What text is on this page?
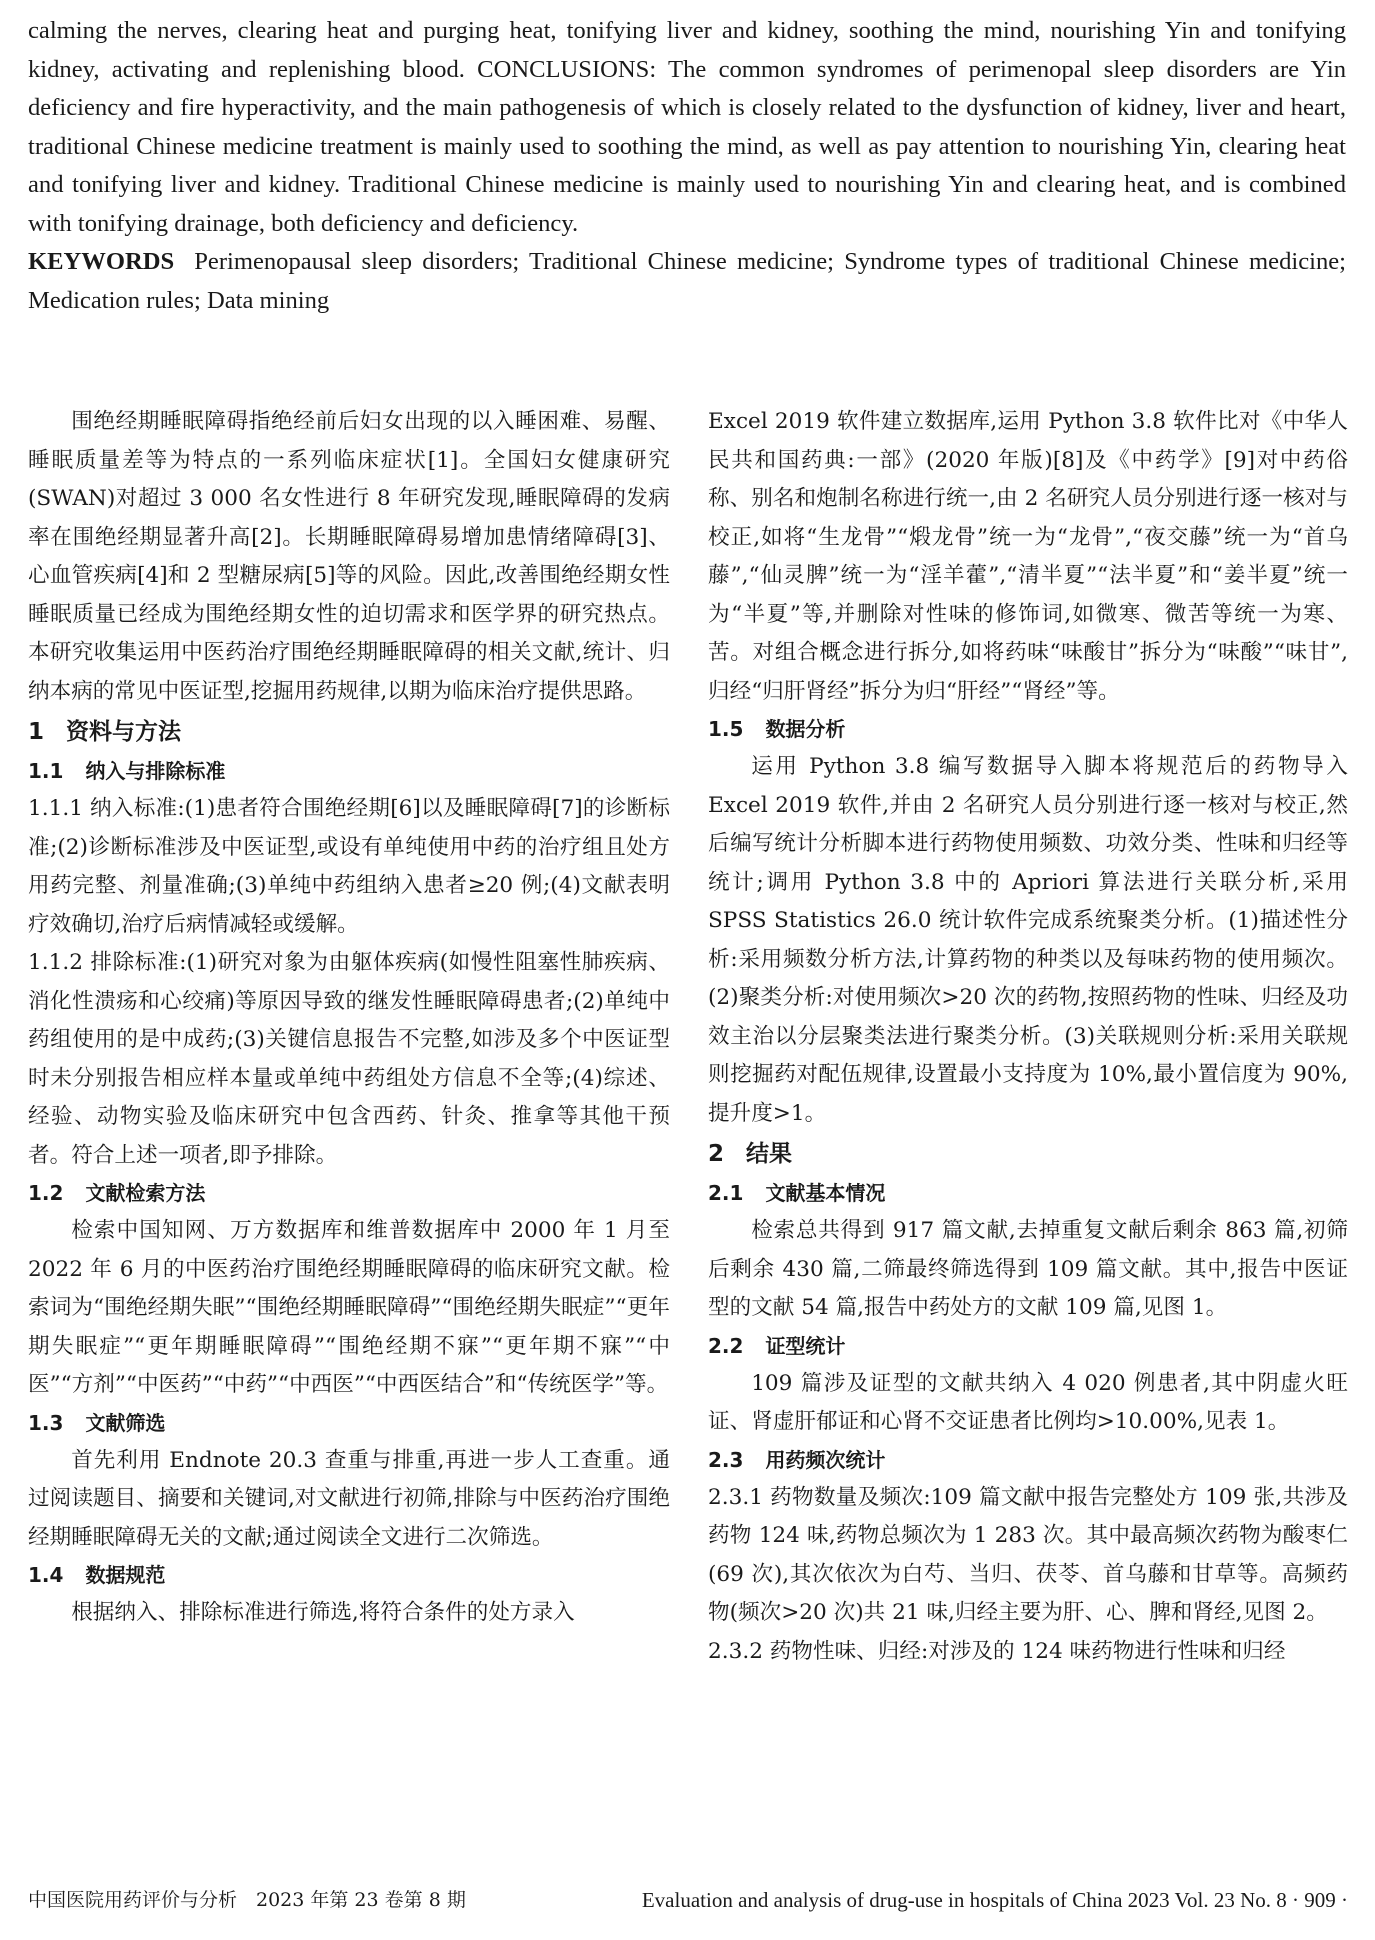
calming the nerves, clearing heat and purging heat, tonifying liver and kidney, soothing the mind, nourishing Yin and tonifying kidney, activating and replenishing blood. CONCLUSIONS: The common syndromes of perimenopal sleep disorders are Yin deficiency and fire hyperactivity, and the main pathogenesis of which is closely related to the dysfunction of kidney, liver and heart, traditional Chinese medicine treatment is mainly used to soothing the mind, as well as pay attention to nourishing Yin, clearing heat and tonifying liver and kidney. Traditional Chinese medicine is mainly used to nourishing Yin and clearing heat, and is combined with tonifying drainage, both deficiency and deficiency.

KEYWORDS Perimenopausal sleep disorders; Traditional Chinese medicine; Syndrome types of traditional Chinese medicine; Medication rules; Data mining

围绝经期睡眠障碍指绝经前后妇女出现的以入睡困难、易醒、睡眠质量差等为特点的一系列临床症状[1]。全国妇女健康研究(SWAN)对超过 3 000 名女性进行 8 年研究发现,睡眠障碍的发病率在围绝经期显著升高[2]。长期睡眠障碍易增加患情绪障碍[3]、心血管疾病[4]和 2 型糖尿病[5]等的风险。因此,改善围绝经期女性睡眠质量已经成为围绝经期女性的迫切需求和医学界的研究热点。本研究收集运用中医药治疗围绝经期睡眠障碍的相关文献,统计、归纳本病的常见中医证型,挖掘用药规律,以期为临床治疗提供思路。

1 资料与方法
1.1 纳入与排除标准

1.1.1 纳入标准:(1)患者符合围绝经期[6]以及睡眠障碍[7]的诊断标准;(2)诊断标准涉及中医证型,或设有单纯使用中药的治疗组且处方用药完整、剂量准确;(3)单纯中药组纳入患者≥20 例;(4)文献表明疗效确切,治疗后病情减轻或缓解。

1.1.2 排除标准:(1)研究对象为由躯体疾病(如慢性阻塞性肺疾病、消化性溃疡和心绞痛)等原因导致的继发性睡眠障碍患者;(2)单纯中药组使用的是中成药;(3)关键信息报告不完整,如涉及多个中医证型时未分别报告相应样本量或单纯中药组处方信息不全等;(4)综述、经验、动物实验及临床研究中包含西药、针灸、推拿等其他干预者。符合上述一项者,即予排除。

1.2 文献检索方法

检索中国知网、万方数据库和维普数据库中 2000 年 1 月至 2022 年 6 月的中医药治疗围绝经期睡眠障碍的临床研究文献。检索词为“围绝经期失眠”“围绝经期睡眠障碍”“围绝经期失眠症”“更年期失眠症”“更年期睡眠障碍”“围绝经期不寐”“更年期不寐”“中医”“方剂”“中医药”“中药”“中西医”“中西医结合”和“传统医学”等。

1.3 文献筛选

首先利用 Endnote 20.3 查重与排重,再进一步人工查重。通过阅读题目、摘要和关键词,对文献进行初筛,排除与中医药治疗围绝经期睡眠障碍无关的文献;通过阅读全文进行二次筛选。

1.4 数据规范

根据纳入、排除标准进行筛选,将符合条件的处方录入

Excel 2019 软件建立数据库,运用 Python 3.8 软件比对《中华人民共和国药典:一部》(2020 年版)[8]及《中药学》[9]对中药俗称、别名和炮制名称进行统一,由 2 名研究人员分别进行逐一核对与校正,如将“生龙骨”“煅龙骨”统一为“龙骨”,“夜交藤”统一为“首乌藤”,“仙灵脾”统一为“淫羊藿”,“清半夏”“法半夏”和“姜半夏”统一为“半夏”等,并删除对性味的修饰词,如微寒、微苦等统一为寒、苦。对组合概念进行拆分,如将药味“味酸甘”拆分为“味酸”“味甘”,归经“归肝肾经”拆分为归“肝经”“肾经”等。

1.5 数据分析

运用 Python 3.8 编写数据导入脚本将规范后的药物导入 Excel 2019 软件,并由 2 名研究人员分别进行逐一核对与校正,然后编写统计分析脚本进行药物使用频数、功效分类、性味和归经等统计;调用 Python 3.8 中的 Apriori 算法进行关联分析,采用 SPSS Statistics 26.0 统计软件完成系统聚类分析。(1)描述性分析:采用频数分析方法,计算药物的种类以及每味药物的使用频次。(2)聚类分析:对使用频次>20 次的药物,按照药物的性味、归经及功效主治以分层聚类法进行聚类分析。(3)关联规则分析:采用关联规则挖掘药对配伍规律,设置最小支持度为 10%,最小置信度为 90%,提升度>1。

2 结果
2.1 文献基本情况

检索总共得到 917 篇文献,去掉重复文献后剩余 863 篇,初筛后剩余 430 篇,二筛最终筛选得到 109 篇文献。其中,报告中医证型的文献 54 篇,报告中药处方的文献 109 篇,见图 1。

2.2 证型统计

109 篇涉及证型的文献共纳入 4 020 例患者,其中阴虚火旺证、肾虚肝郁证和心肾不交证患者比例均>10.00%,见表 1。

2.3 用药频次统计

2.3.1 药物数量及频次:109 篇文献中报告完整处方 109 张,共涉及药物 124 味,药物总频次为 1 283 次。其中最高频次药物为酸枣仁(69 次),其次依次为白芍、当归、茯苓、首乌藤和甘草等。高频药物(频次>20 次)共 21 味,归经主要为肝、心、脾和肾经,见图 2。

2.3.2 药物性味、归经:对涉及的 124 味药物进行性味和归经

中国医院用药评价与分析　2023 年第 23 卷第 8 期	Evaluation and analysis of drug-use in hospitals of China 2023 Vol. 23 No. 8 · 909 ·
